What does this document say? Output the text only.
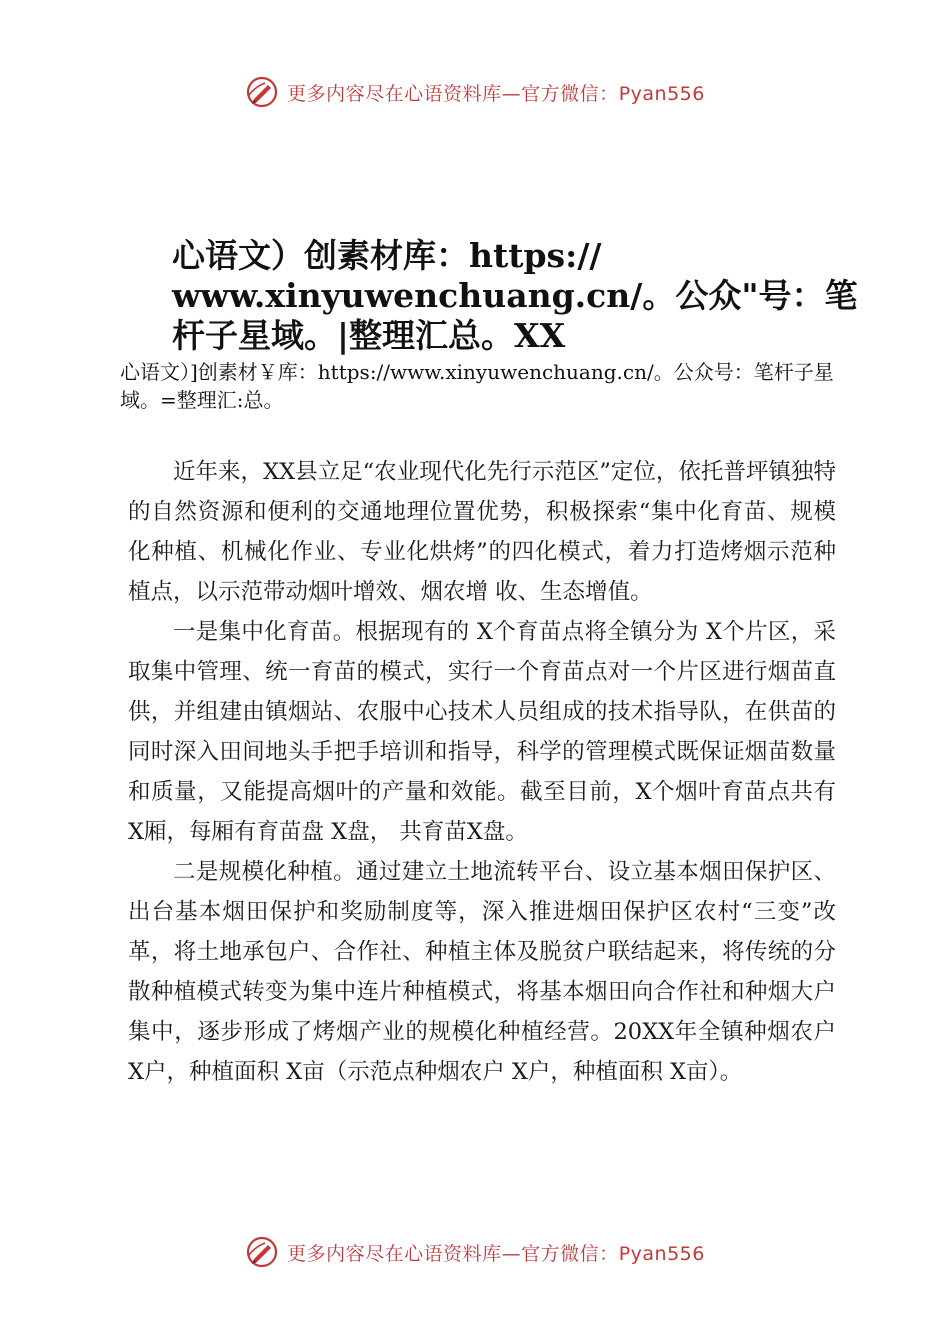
更多内容尽在心语资料库—官方微信：Pyan556
心语文）创素材库：https:// www.xinyuwenchuang.cn/。公众"号：笔杆子星域。|整理汇总。XX

心语文）]创素材￥库：https://www.xinyuwenchuang.cn/。公众号：笔杆子星域。=整理汇:总。

近年来，XX县立足“农业现代化先行示范区”定位，依托普坪镇独特的自然资源和便利的交通地理位置优势，积极探索“集中化育苗、规模化种植、机械化作业、专业化烘烤”的四化模式，着力打造烤烟示范种植点，以示范带动烟叶增效、烟农增 收、生态增值。

一是集中化育苗。根据现有的 X个育苗点将全镇分为 X个片区，采取集中管理、统一育苗的模式，实行一个育苗点对一个片区进行烟苗直供，并组建由镇烟站、农服中心技术人员组成的技术指导队，在供苗的同时深入田间地头手把手培训和指导，科学的管理模式既保证烟苗数量和质量，又能提高烟叶的产量和效能。截至目前，X个烟叶育苗点共有 X厢，每厢有育苗盘 X盘， 共育苗X盘。

二是规模化种植。通过建立土地流转平台、设立基本烟田保护区、出台基本烟田保护和奖励制度等，深入推进烟田保护区农村“三变”改革，将土地承包户、合作社、种植主体及脱贫户联结起来，将传统的分散种植模式转变为集中连片种植模式，将基本烟田向合作社和种烟大户集中，逐步形成了烤烟产业的规模化种植经营。20XX年全镇种烟农户 X户，种植面积 X亩（示范点种烟农户 X户，种植面积 X亩）。

更多内容尽在心语资料库—官方微信：Pyan556
